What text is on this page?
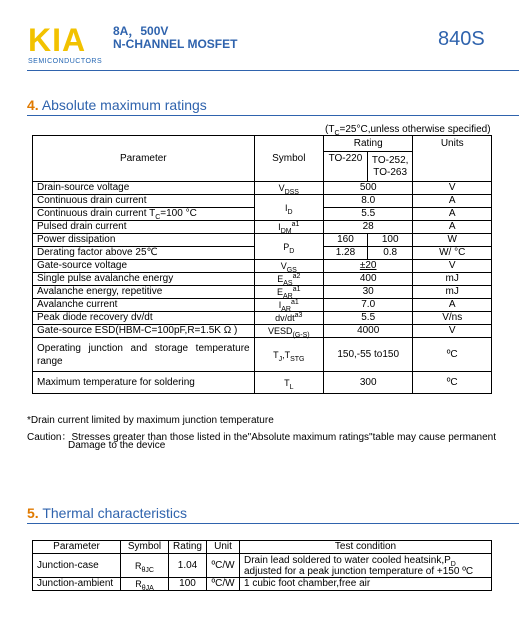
KIA
SEMICONDUCTORS
8A，500V
N-CHANNEL MOSFET	840S
4. Absolute maximum ratings
($T_C=25^\circ C,unless$ otherwise specified)
Parameter	Symbol	Rating		Units
		TO-220	TO-252,
TO-263	

Drain-source voltage	$V_{DSS}$	500		V
Continuous drain current	$I_D$	8.0		A
Continuous drain current $T_C=100$ °C		5.5		A
Pulsed drain current	$I_{DM}^{a1}$	28		A
Power dissipation	$P_D$	160	100	W
Derating factor above 25℃		1.28	0.8	W/ °C
Gate-source voltage	$V_{GS}$	±20		V
Single pulse avalanche energy	$E_{AS}^{a2}$	400		mJ
Avalanche energy, repetitive	$E_{AR}^{a1}$	30		mJ
Avalanche current	$I_{AR}^{a1}$	7.0		A
Peak diode recovery dv/dt	$dv/dt^{a3}$	5.5		V/ns
Gate-source ESD(HBM-C=100pF,R=1.5K Ω )	$VESD_{(G-S)}$	4000		V
Operating junction and storage temperature range	$T_J,T_{STG}$	150,-55 to150		ºC
Maximum temperature for soldering	$T_L$	300		ºC
*Drain current limited by maximum junction temperature
Caution：Stresses greater than those listed in the"Absolute maximum ratings"table may cause permanent
Damage to the device
5. Thermal characteristics
Parameter	Symbol	Rating	Unit	Test condition
Junction-case	$R_{\theta JC}$	1.04	ºC/W	Drain lead soldered to water cooled $heatsink,P_D$
adjusted for a peak junction temperature of +150 ºC

Junction-ambient	$R_{\theta JA}$	100	ºC/W	1 cubic foot chamber,free air
